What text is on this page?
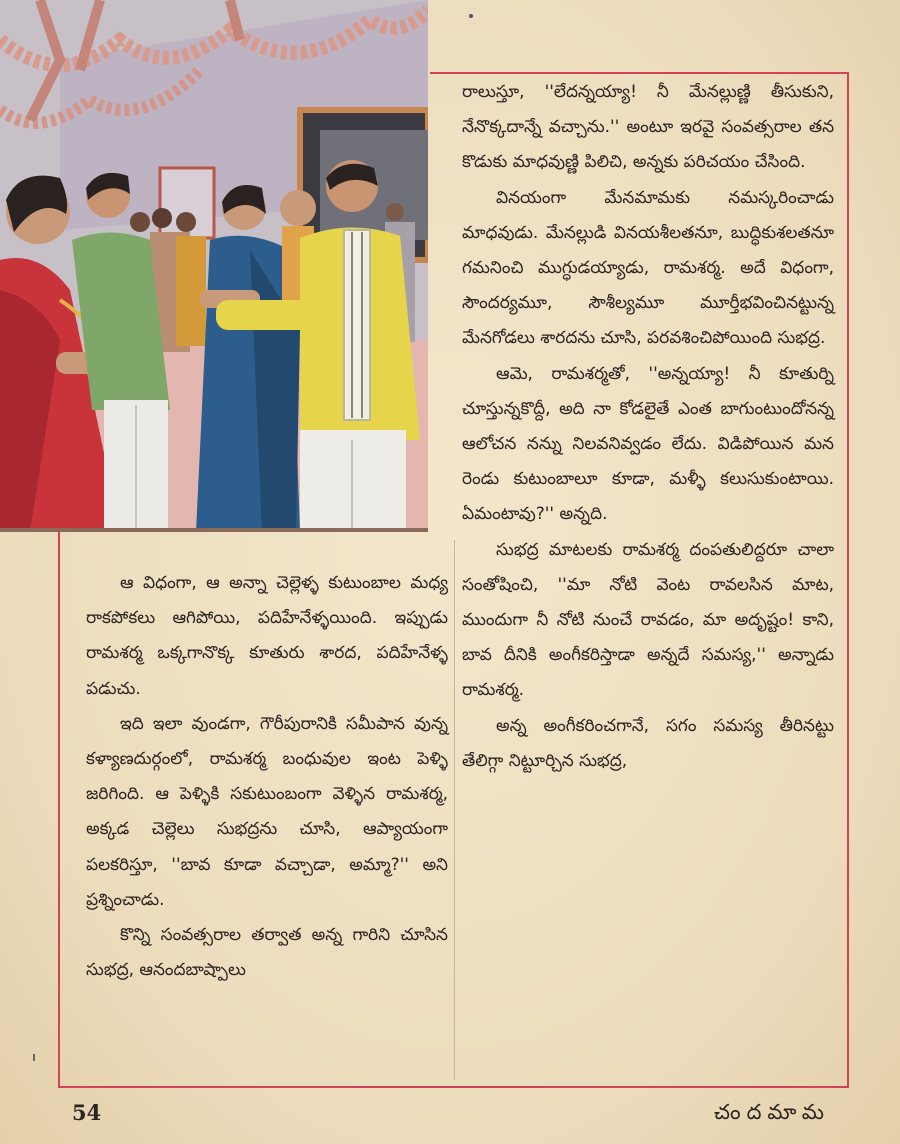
ఆ విధంగా, ఆ అన్నా చెల్లెళ్ళ కుటుంబాల మధ్య రాకపోకలు ఆగిపోయి, పదిహేనేళ్ళయింది. ఇప్పుడు రామశర్మ ఒక్కగానొక్క కూతురు శారద, పదిహేనేళ్ళ పడుచు.

ఇది ఇలా వుండగా, గౌరీపురానికి సమీపాన వున్న కళ్యాణదుర్గంలో, రామశర్మ బంధువుల ఇంట పెళ్ళి జరిగింది. ఆ పెళ్ళికి సకుటుంబంగా వెళ్ళిన రామశర్మ, అక్కడ చెల్లెలు సుభద్రను చూసి, ఆప్యాయంగా పలకరిస్తూ, ''బావ కూడా వచ్చాడా, అమ్మా?'' అని ప్రశ్నించాడు.

కొన్ని సంవత్సరాల తర్వాత అన్న గారిని చూసిన సుభద్ర, ఆనందబాష్పాలు

రాలుస్తూ, ''లేదన్నయ్యా! నీ మేనల్లుణ్ణి తీసుకుని, నేనొక్కదాన్నే వచ్చాను.'' అంటూ ఇరవై సంవత్సరాల తన కొడుకు మాధవుణ్ణి పిలిచి, అన్నకు పరిచయం చేసింది.

వినయంగా మేనమామకు నమస్కరించాడు మాధవుడు. మేనల్లుడి వినయశీలతనూ, బుద్ధికుశలతనూ గమనించి ముగ్ధుడయ్యాడు, రామశర్మ. అదే విధంగా, సౌందర్యమూ, సౌశీల్యమూ మూర్తీభవించినట్టున్న మేనగోడలు శారదను చూసి, పరవశించిపోయింది సుభద్ర.

ఆమె, రామశర్మతో, ''అన్నయ్యా! నీ కూతుర్ని చూస్తున్నకొద్దీ, అది నా కోడలైతే ఎంత బాగుంటుందోనన్న ఆలోచన నన్ను నిలవనివ్వడం లేదు. విడిపోయిన మన రెండు కుటుంబాలూ కూడా, మళ్ళీ కలుసుకుంటాయి. ఏమంటావు?'' అన్నది.

సుభద్ర మాటలకు రామశర్మ దంపతులిద్దరూ చాలా సంతోషించి, ''మా నోటి వెంట రావలసిన మాట, ముందుగా నీ నోటి నుంచే రావడం, మా అదృష్టం! కాని, బావ దీనికి అంగీకరిస్తాడా అన్నదే సమస్య,'' అన్నాడు రామశర్మ.

అన్న అంగీకరించగానే, సగం సమస్య తీరినట్టు తేలిగ్గా నిట్టూర్చిన సుభద్ర,

54	చందమామ
